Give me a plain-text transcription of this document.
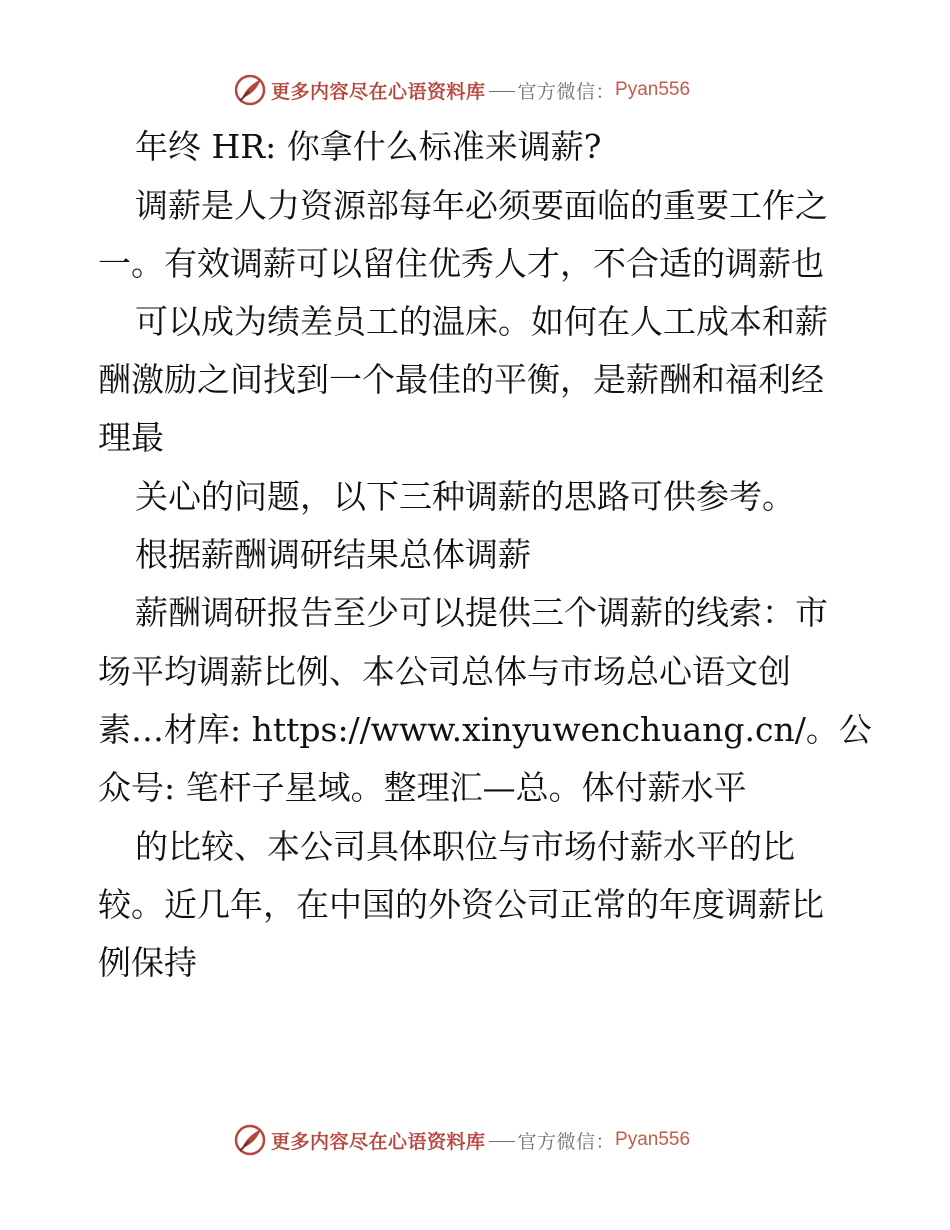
更多内容尽在心语资料库 官方微信： Pyan556
年终 HR: 你拿什么标准来调薪?
调薪是人力资源部每年必须要面临的重要工作之
一。有效调薪可以留住优秀人才，不合适的调薪也
可以成为绩差员工的温床。如何在人工成本和薪
酬激励之间找到一个最佳的平衡，是薪酬和福利经
理最
关心的问题，以下三种调薪的思路可供参考。
根据薪酬调研结果总体调薪
薪酬调研报告至少可以提供三个调薪的线索：市
场平均调薪比例、本公司总体与市场总心语文创
素…材库: https://www.xinyuwenchuang.cn/。公
众号: 笔杆子星域。整理汇—总。体付薪水平
的比较、本公司具体职位与市场付薪水平的比
较。近几年，在中国的外资公司正常的年度调薪比
例保持
更多内容尽在心语资料库 官方微信： Pyan556
